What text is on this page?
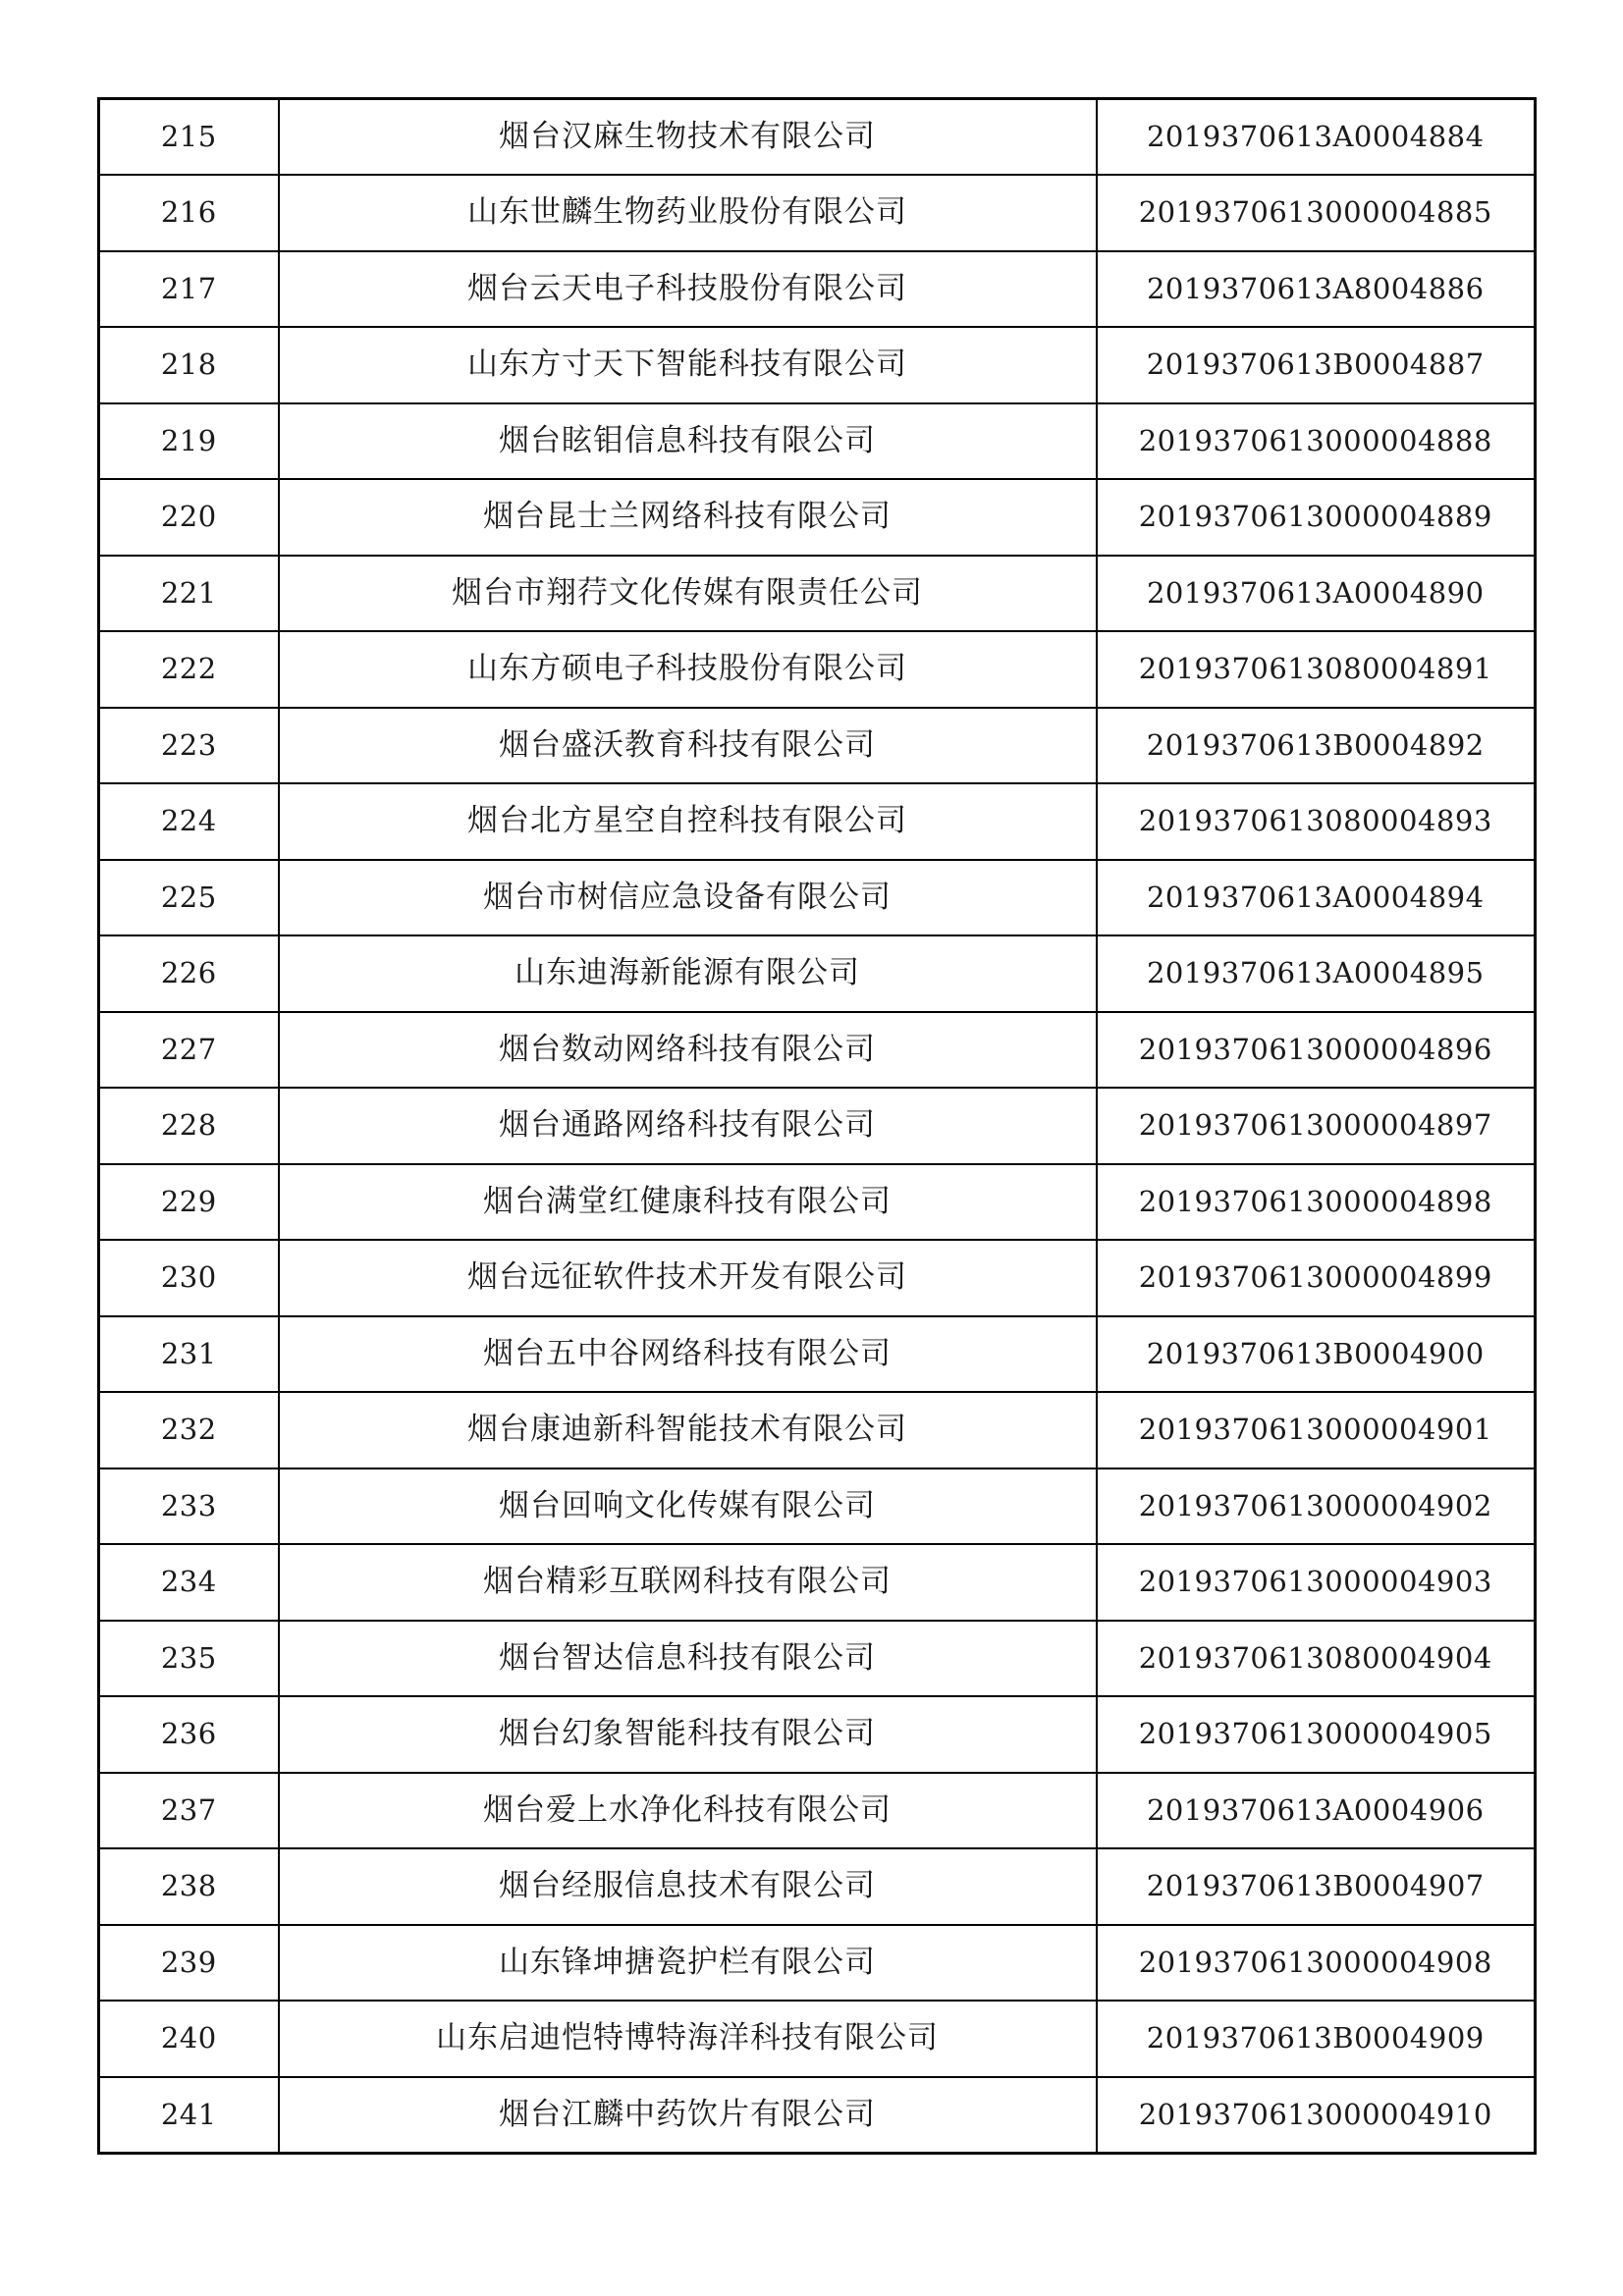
215	烟台汉麻生物技术有限公司	2019370613A0004884
216	山东世麟生物药业股份有限公司	2019370613000004885
217	烟台云天电子科技股份有限公司	2019370613A8004886
218	山东方寸天下智能科技有限公司	2019370613B0004887
219	烟台眩钼信息科技有限公司	2019370613000004888
220	烟台昆士兰网络科技有限公司	2019370613000004889
221	烟台市翔荇文化传媒有限责任公司	2019370613A0004890
222	山东方硕电子科技股份有限公司	2019370613080004891
223	烟台盛沃教育科技有限公司	2019370613B0004892
224	烟台北方星空自控科技有限公司	2019370613080004893
225	烟台市树信应急设备有限公司	2019370613A0004894
226	山东迪海新能源有限公司	2019370613A0004895
227	烟台数动网络科技有限公司	2019370613000004896
228	烟台通路网络科技有限公司	2019370613000004897
229	烟台满堂红健康科技有限公司	2019370613000004898
230	烟台远征软件技术开发有限公司	2019370613000004899
231	烟台五中谷网络科技有限公司	2019370613B0004900
232	烟台康迪新科智能技术有限公司	2019370613000004901
233	烟台回响文化传媒有限公司	2019370613000004902
234	烟台精彩互联网科技有限公司	2019370613000004903
235	烟台智达信息科技有限公司	2019370613080004904
236	烟台幻象智能科技有限公司	2019370613000004905
237	烟台爱上水净化科技有限公司	2019370613A0004906
238	烟台经服信息技术有限公司	2019370613B0004907
239	山东锋坤搪瓷护栏有限公司	2019370613000004908
240	山东启迪恺特博特海洋科技有限公司	2019370613B0004909
241	烟台江麟中药饮片有限公司	2019370613000004910
